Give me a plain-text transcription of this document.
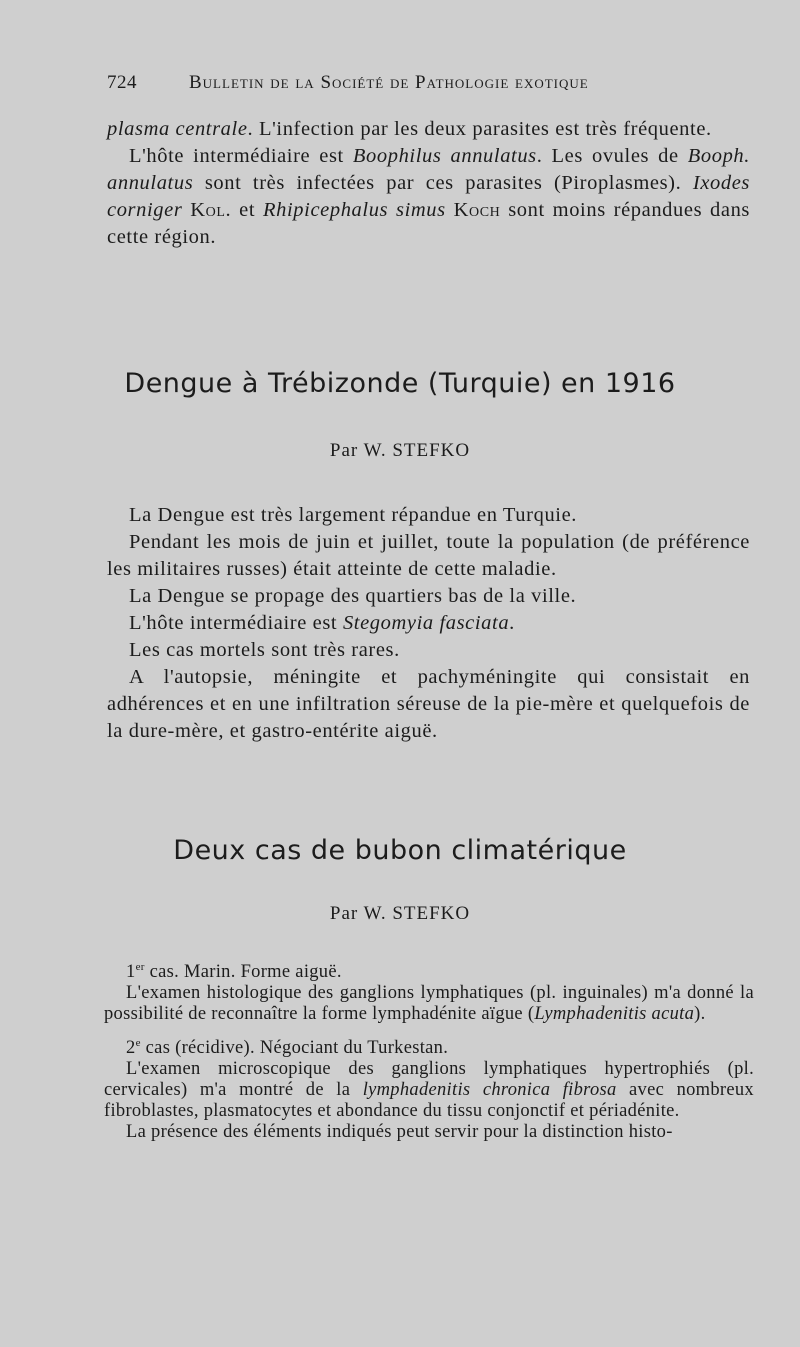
724	Bulletin de la Société de Pathologie exotique

plasma centrale. L'infection par les deux parasites est très fréquente.

L'hôte intermédiaire est Boophilus annulatus. Les ovules de Booph. annulatus sont très infectées par ces parasites (Piroplasmes). Ixodes corniger Kol. et Rhipicephalus simus Koch sont moins répandues dans cette région.

Dengue à Trébizonde (Turquie) en 1916
Par W. STEFKO

La Dengue est très largement répandue en Turquie.

Pendant les mois de juin et juillet, toute la population (de préférence les militaires russes) était atteinte de cette maladie.

La Dengue se propage des quartiers bas de la ville.

L'hôte intermédiaire est Stegomyia fasciata.

Les cas mortels sont très rares.

A l'autopsie, méningite et pachyméningite qui consistait en adhérences et en une infiltration séreuse de la pie-mère et quelquefois de la dure-mère, et gastro-entérite aiguë.

Deux cas de bubon climatérique
Par W. STEFKO

1er cas. Marin. Forme aiguë.

L'examen histologique des ganglions lymphatiques (pl. inguinales) m'a donné la possibilité de reconnaître la forme lymphadénite aïgue (Lymphadenitis acuta).

2e cas (récidive). Négociant du Turkestan.

L'examen microscopique des ganglions lymphatiques hypertrophiés (pl. cervicales) m'a montré de la lymphadenitis chronica fibrosa avec nombreux fibroblastes, plasmatocytes et abondance du tissu conjonctif et périadénite.

La présence des éléments indiqués peut servir pour la distinction histo-
